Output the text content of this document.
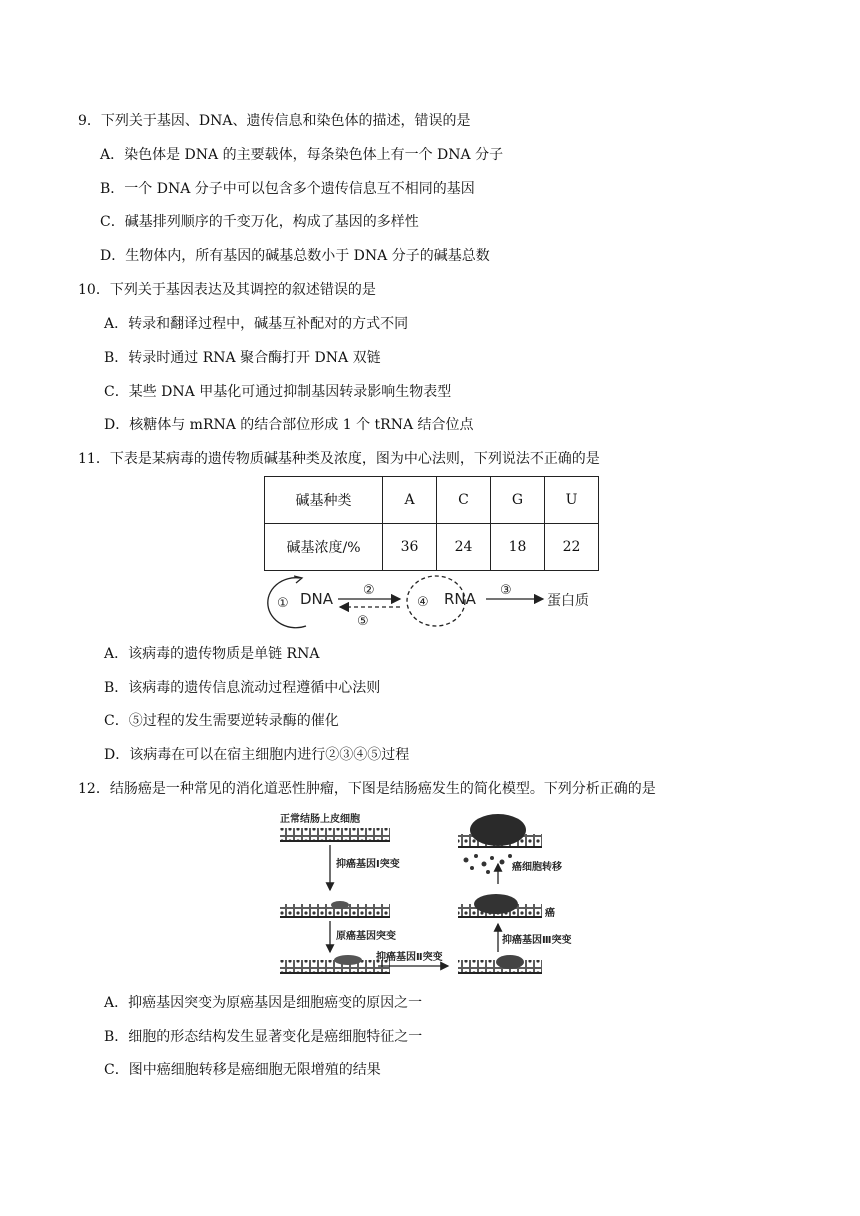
9．下列关于基因、DNA、遗传信息和染色体的描述，错误的是
A．染色体是 DNA 的主要载体，每条染色体上有一个 DNA 分子
B．一个 DNA 分子中可以包含多个遗传信息互不相同的基因
C．碱基排列顺序的千变万化，构成了基因的多样性
D．生物体内，所有基因的碱基总数小于 DNA 分子的碱基总数
10．下列关于基因表达及其调控的叙述错误的是
A．转录和翻译过程中，碱基互补配对的方式不同
B．转录时通过 RNA 聚合酶打开 DNA 双链
C．某些 DNA 甲基化可通过抑制基因转录影响生物表型
D．核糖体与 mRNA 的结合部位形成 1 个 tRNA 结合位点
11．下表是某病毒的遗传物质碱基种类及浓度，图为中心法则，下列说法不正确的是
碱基种类	A	C	G	U
碱基浓度/%	36	24	18	22
① DNA ②
⑤
④ RNA ③
蛋白质
A．该病毒的遗传物质是单链 RNA
B．该病毒的遗传信息流动过程遵循中心法则
C．⑤过程的发生需要逆转录酶的催化
D．该病毒在可以在宿主细胞内进行②③④⑤过程
12．结肠癌是一种常见的消化道恶性肿瘤，下图是结肠癌发生的简化模型。下列分析正确的是
正常结肠上皮细胞
抑癌基因Ⅰ突变
原癌基因突变
抑癌基因Ⅱ突变
抑癌基因Ⅲ突变
癌
癌细胞转移
A．抑癌基因突变为原癌基因是细胞癌变的原因之一
B．细胞的形态结构发生显著变化是癌细胞特征之一
C．图中癌细胞转移是癌细胞无限增殖的结果
